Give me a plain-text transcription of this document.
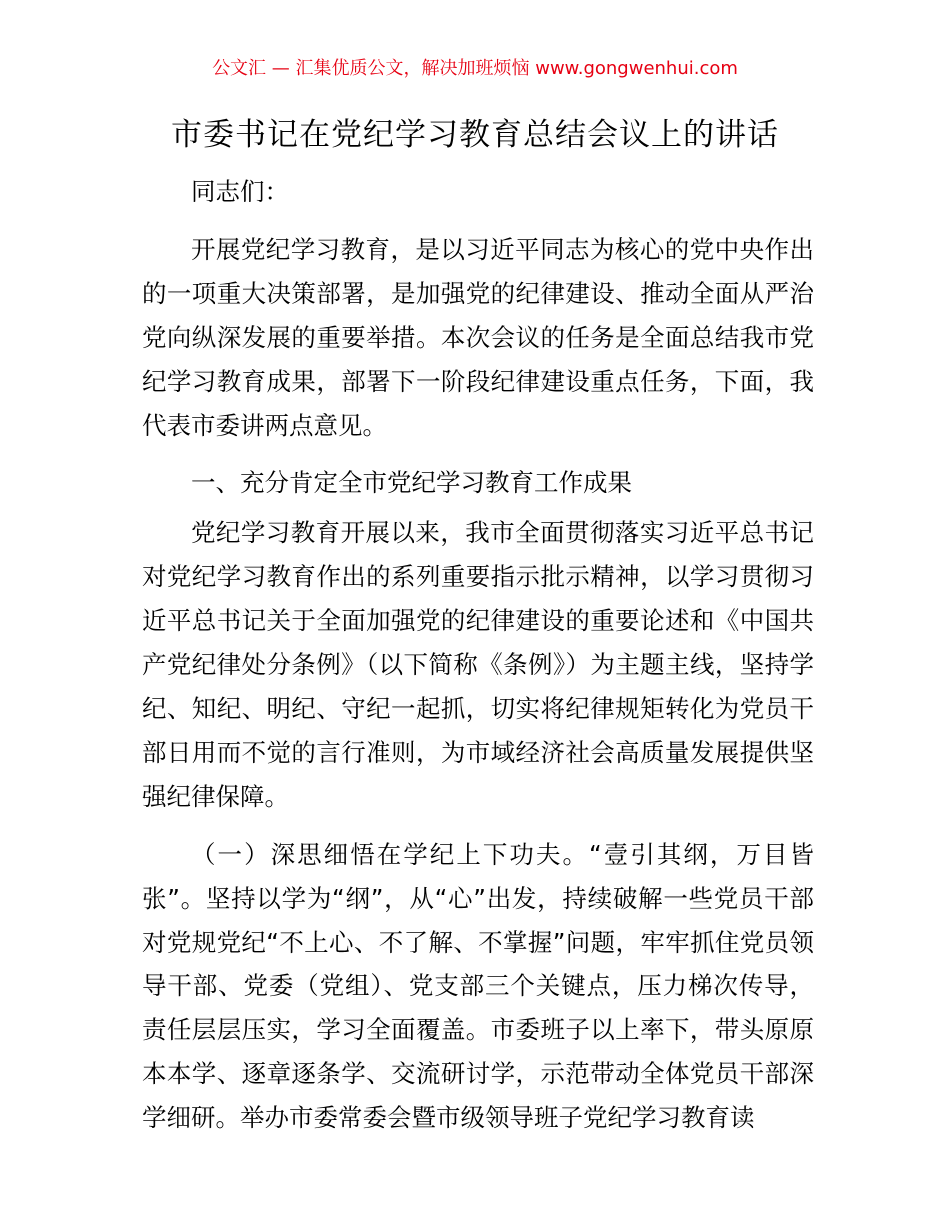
公文汇 — 汇集优质公文，解决加班烦恼 www.gongwenhui.com
市委书记在党纪学习教育总结会议上的讲话

同志们：

开展党纪学习教育，是以习近平同志为核心的党中央作出的一项重大决策部署，是加强党的纪律建设、推动全面从严治党向纵深发展的重要举措。本次会议的任务是全面总结我市党纪学习教育成果，部署下一阶段纪律建设重点任务，下面，我代表市委讲两点意见。

一、充分肯定全市党纪学习教育工作成果

党纪学习教育开展以来，我市全面贯彻落实习近平总书记对党纪学习教育作出的系列重要指示批示精神，以学习贯彻习近平总书记关于全面加强党的纪律建设的重要论述和《中国共产党纪律处分条例》（以下简称《条例》）为主题主线，坚持学纪、知纪、明纪、守纪一起抓，切实将纪律规矩转化为党员干部日用而不觉的言行准则，为市域经济社会高质量发展提供坚强纪律保障。

（一）深思细悟在学纪上下功夫。“壹引其纲，万目皆张”。坚持以学为“纲”，从“心”出发，持续破解一些党员干部对党规党纪“不上心、不了解、不掌握”问题，牢牢抓住党员领导干部、党委（党组）、党支部三个关键点，压力梯次传导，责任层层压实，学习全面覆盖。市委班子以上率下，带头原原本本学、逐章逐条学、交流研讨学，示范带动全体党员干部深学细研。举办市委常委会暨市级领导班子党纪学习教育读
